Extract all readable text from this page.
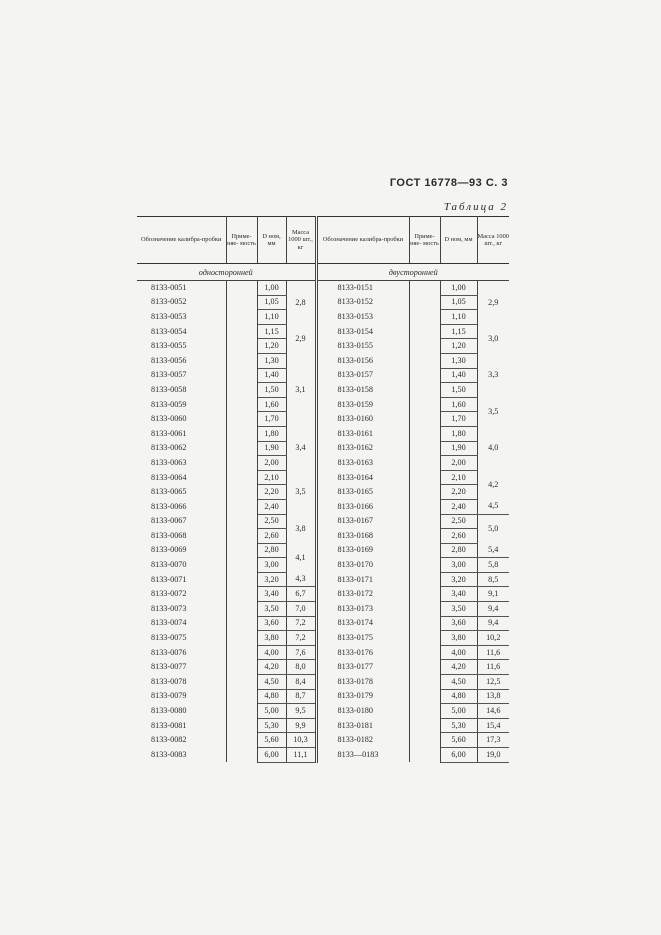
ГОСТ 16778—93 С. 3
Таблица 2
Обозначение калибра-пробки	Приме- няе- мость	D ном, мм	Масса 1000 шт., кг	Обозначение калибра-пробки	Приме- няе- мость	D ном, мм	Масса 1000 шт., кг
односторонней				двусторонней			
8133-0051		1,00	2,8	8133-0151		1,00	2,9
8133-0052		1,05		8133-0152		1,05	
8133-0053		1,10		8133-0153		1,10	
8133-0054		1,15	2,9	8133-0154		1,15	3,0
8133-0055		1,20		8133-0155		1,20	
8133-0056		1,30	3,1	8133-0156		1,30	3,3
8133-0057		1,40		8133-0157		1,40	
8133-0058		1,50		8133-0158		1,50	
8133-0059		1,60		8133-0159		1,60	3,5
8133-0060		1,70		8133-0160		1,70	
8133-0061		1,80	3,4	8133-0161		1,80	4,0
8133-0062		1,90		8133-0162		1,90	
8133-0063		2,00		8133-0163		2,00	
8133-0064		2,10	3,5	8133-0164		2,10	4,2
8133-0065		2,20		8133-0165		2,20	
8133-0066		2,40		8133-0166		2,40	4,5
8133-0067		2,50	3,8	8133-0167		2,50	5,0
8133-0068		2,60		8133-0168		2,60	
8133-0069		2,80	4,1	8133-0169		2,80	5,4
8133-0070		3,00		8133-0170		3,00	5,8
8133-0071		3,20	4,3	8133-0171		3,20	8,5
8133-0072		3,40	6,7	8133-0172		3,40	9,1
8133-0073		3,50	7,0	8133-0173		3,50	9,4
8133-0074		3,60	7,2	8133-0174		3,60	9,4
8133-0075		3,80	7,2	8133-0175		3,80	10,2
8133-0076		4,00	7,6	8133-0176		4,00	11,6
8133-0077		4,20	8,0	8133-0177		4,20	11,6
8133-0078		4,50	8,4	8133-0178		4,50	12,5
8133-0079		4,80	8,7	8133-0179		4,80	13,8
8133-0080		5,00	9,5	8133-0180		5,00	14,6
8133-0081		5,30	9,9	8133-0181		5,30	15,4
8133-0082		5,60	10,3	8133-0182		5,60	17,3
8133-0083		6,00	11,1	8133—0183		6,00	19,0
